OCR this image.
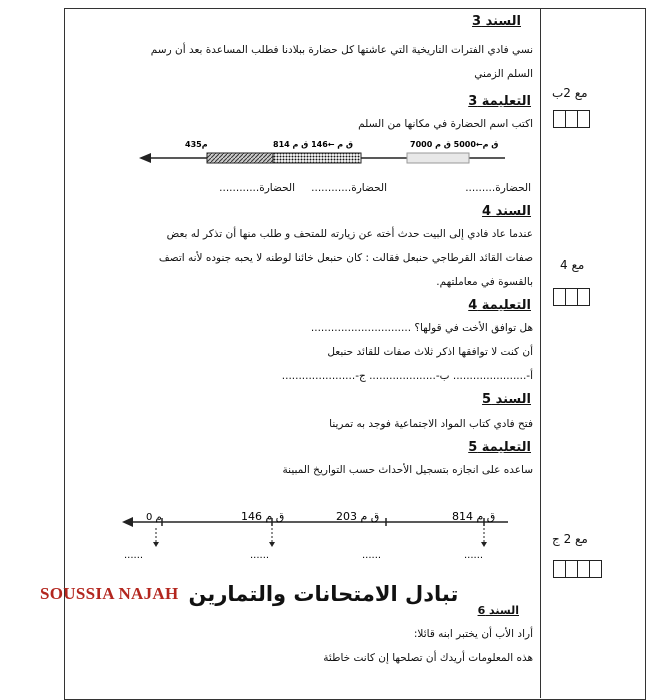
السند 3
نسي فادي الفترات التاريخية التي عاشتها كل حضارة ببلادنا فطلب المساعدة بعد أن رسم
السلم الزمني
التعليمة 3
اكتب اسم الحضارة في مكانها من السلم
435م	814 ق م ←146 ق م	7000 ق م←5000 ق م
الحضارة.........
الحضارة............
الحضارة............
السند 4
عندما عاد فادي إلى البيت حدث أخته عن زيارته للمتحف و طلب منها أن تذكر له بعض
صفات القائد القرطاجي حنبعل فقالت : كان حنبعل خائنا لوطنه لا يحبه جنوده لأنه اتصف
بالقسوة في معاملتهم.
التعليمة 4
هل توافق الأخت في قولها؟ ..............................
أن كنت لا توافقها اذكر ثلاث صفات للقائد حنبعل
أ-...................... ب-.................... ج-......................
السند 5
فتح فادي كتاب المواد الاجتماعية فوجد به تمرينا
التعليمة 5
ساعده على انجازه بتسجيل الأحداث حسب التواريخ المبينة
0 م	146 ق م	203 ق م	814 ق م
......	......	......	......
SOUSSIA NAJAH تبادل الامتحانات والتمارين
السند 6
أراد الأب أن يختبر ابنه قائلا:
هذه المعلومات أريدك أن تصلحها إن كانت خاطئة
مع 2ب
مع 4
مع 2 ج
